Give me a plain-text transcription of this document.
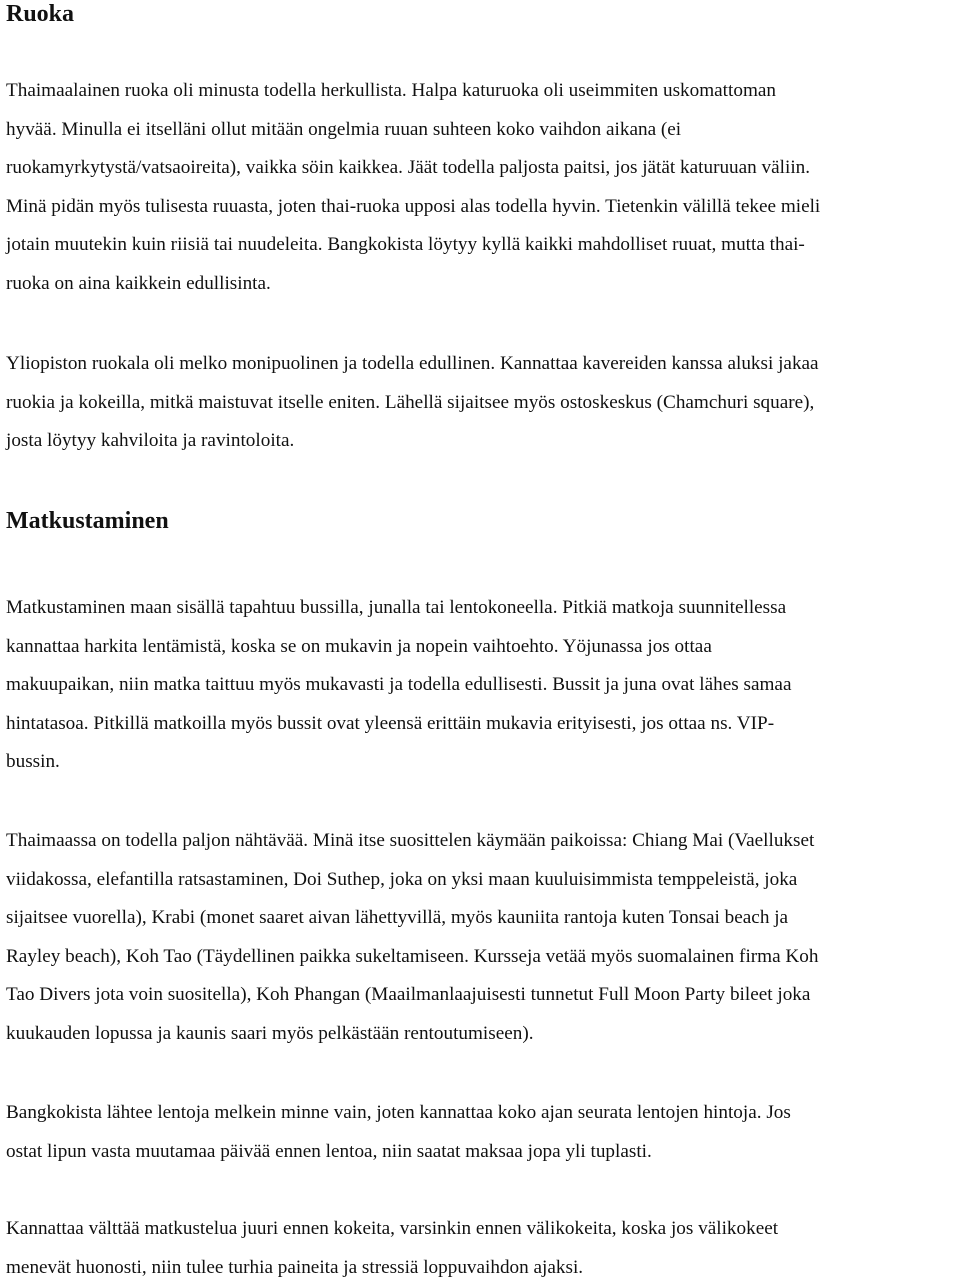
Ruoka

Thaimaalainen ruoka oli minusta todella herkullista. Halpa katuruoka oli useimmiten uskomattoman
hyvää. Minulla ei itselläni ollut mitään ongelmia ruuan suhteen koko vaihdon aikana (ei
ruokamyrkytystä/vatsaoireita), vaikka söin kaikkea. Jäät todella paljosta paitsi, jos jätät katuruuan väliin.
Minä pidän myös tulisesta ruuasta, joten thai-ruoka upposi alas todella hyvin. Tietenkin välillä tekee mieli
jotain muutekin kuin riisiä tai nuudeleita. Bangkokista löytyy kyllä kaikki mahdolliset ruuat, mutta thai-
ruoka on aina kaikkein edullisinta.

Yliopiston ruokala oli melko monipuolinen ja todella edullinen. Kannattaa kavereiden kanssa aluksi jakaa
ruokia ja kokeilla, mitkä maistuvat itselle eniten. Lähellä sijaitsee myös ostoskeskus (Chamchuri square),
josta löytyy kahviloita ja ravintoloita.

Matkustaminen

Matkustaminen maan sisällä tapahtuu bussilla, junalla tai lentokoneella. Pitkiä matkoja suunnitellessa
kannattaa harkita lentämistä, koska se on mukavin ja nopein vaihtoehto. Yöjunassa jos ottaa
makuupaikan, niin matka taittuu myös mukavasti ja todella edullisesti. Bussit ja juna ovat lähes samaa
hintatasoa. Pitkillä matkoilla myös bussit ovat yleensä erittäin mukavia erityisesti, jos ottaa ns. VIP-
bussin.

Thaimaassa on todella paljon nähtävää. Minä itse suosittelen käymään paikoissa: Chiang Mai (Vaellukset
viidakossa, elefantilla ratsastaminen, Doi Suthep, joka on yksi maan kuuluisimmista temppeleistä, joka
sijaitsee vuorella), Krabi (monet saaret aivan lähettyvillä, myös kauniita rantoja kuten Tonsai beach ja
Rayley beach), Koh Tao (Täydellinen paikka sukeltamiseen. Kursseja vetää myös suomalainen firma Koh
Tao Divers jota voin suositella), Koh Phangan (Maailmanlaajuisesti tunnetut Full Moon Party bileet joka
kuukauden lopussa ja kaunis saari myös pelkästään rentoutumiseen).

Bangkokista lähtee lentoja melkein minne vain, joten kannattaa koko ajan seurata lentojen hintoja. Jos
ostat lipun vasta muutamaa päivää ennen lentoa, niin saatat maksaa jopa yli tuplasti.

Kannattaa välttää matkustelua juuri ennen kokeita, varsinkin ennen välikokeita, koska jos välikokeet
menevät huonosti, niin tulee turhia paineita ja stressiä loppuvaihdon ajaksi.
